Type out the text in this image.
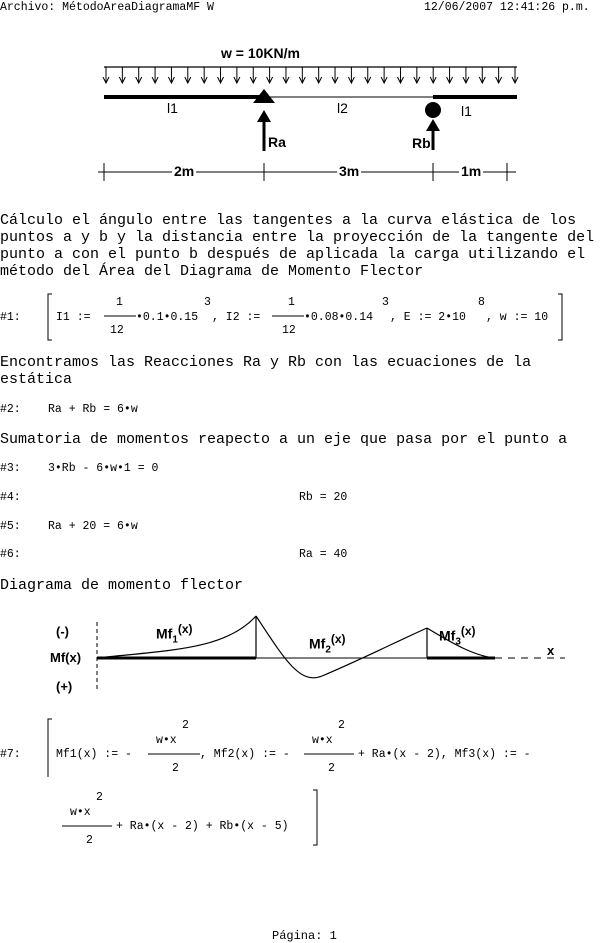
Archivo: MétodoAreaDiagramaMF W	12/06/2007 12:41:26 p.m.
w = 10KN/m
l1	l2	l1
Ra	Rb
2m	3m	1m
Cálculo el ángulo entre las tangentes a la curva elástica de los puntos a y b y la distancia entre la proyección de la tangente del punto a con el punto b después de aplicada la carga utilizando el método del Área del Diagrama de Momento Flector
#1:	I1 :=
1
12
•0.1•0.15
3
, I2 :=
1
12
•0.08•0.14
3
, E := 2•10
8
, w := 10
Encontramos las Reacciones Ra y Rb con las ecuaciones de la estática
#2: Ra + Rb = 6•w
Sumatoria de momentos reapecto a un eje que pasa por el punto a
#3: 3•Rb - 6•w•1 = 0
#4:	Rb = 20
#5: Ra + 20 = 6•w
#6:	Ra = 40
Diagrama de momento flector
(-)
Mf(x)
(+)
$Mf_1^{(x)}$
$Mf_2^{(x)}$	$Mf_3^{(x)}$
x
#7:	Mf1(x) := -
w•x
2
2
, Mf2(x) := -
w•x
2
2
+ Ra•(x - 2), Mf3(x) := -
w•x
2
2
+ Ra•(x - 2) + Rb•(x - 5)
Página: 1
